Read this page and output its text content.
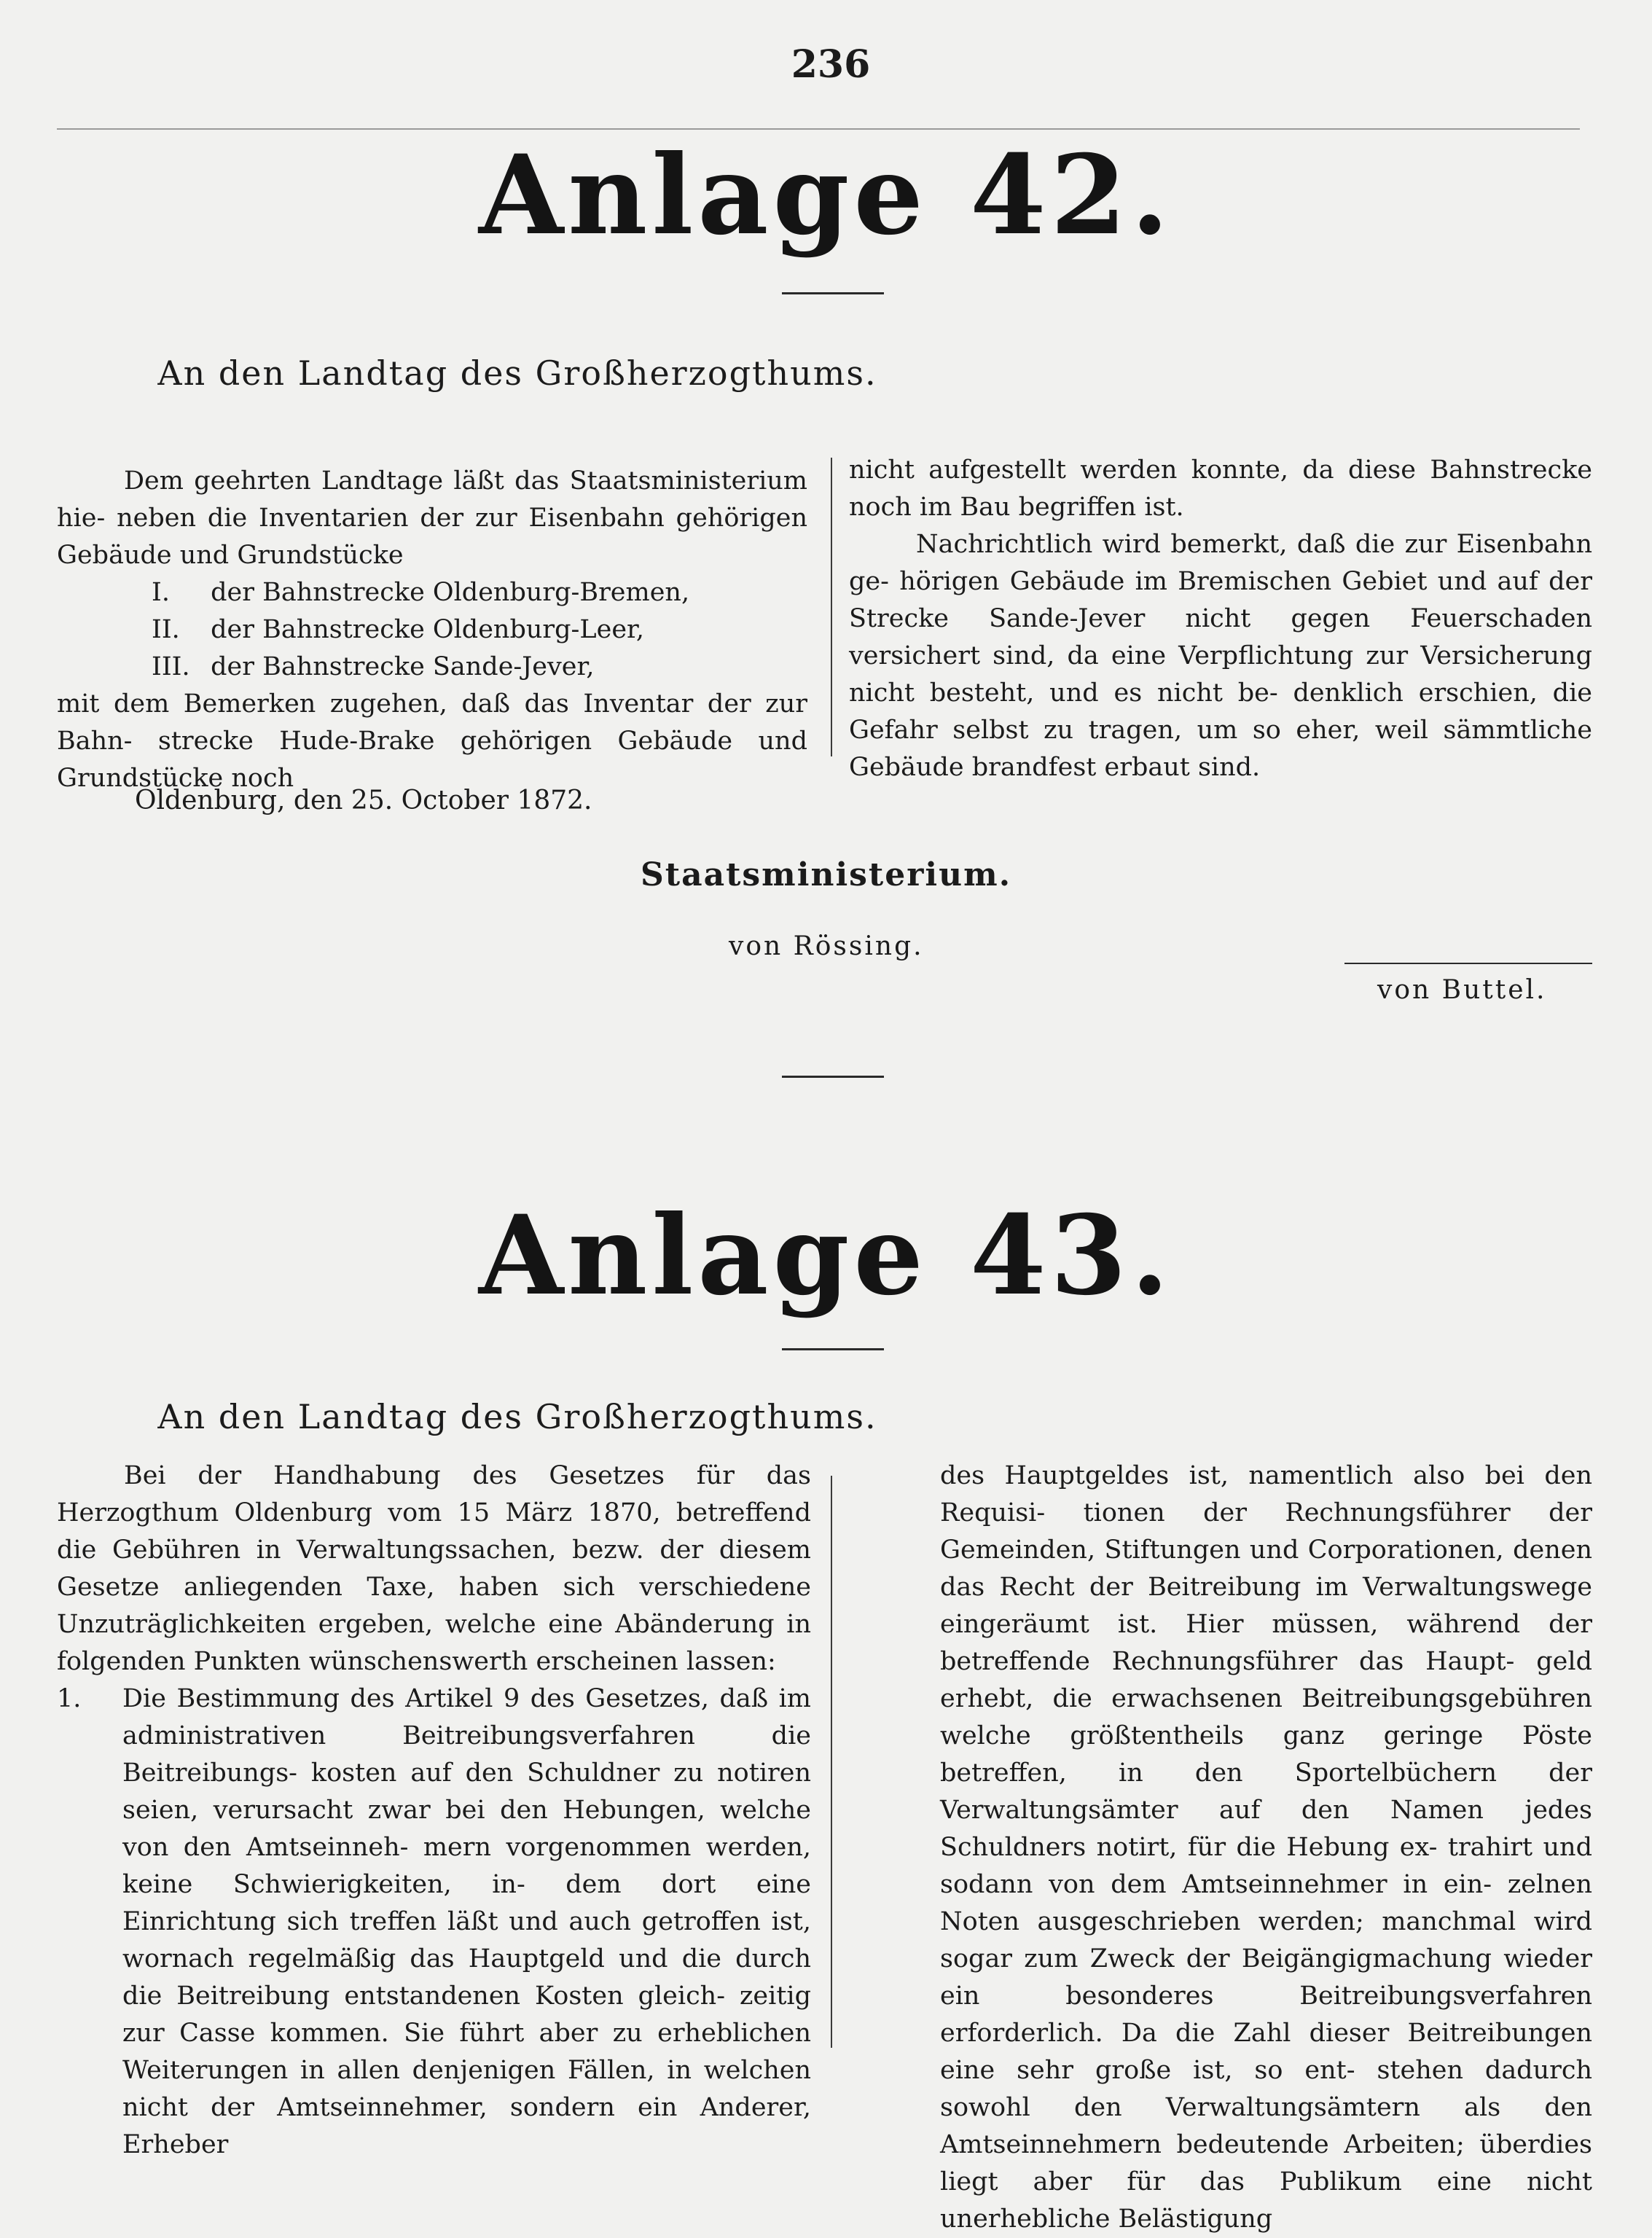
236
Anlage 42.
An den Landtag des Großherzogthums.

Dem geehrten Landtage läßt das Staatsministerium hie- neben die Inventarien der zur Eisenbahn gehörigen Gebäude und Grundstücke

I. der Bahnstrecke Oldenburg-Bremen,

II. der Bahnstrecke Oldenburg-Leer,

III. der Bahnstrecke Sande-Jever,

mit dem Bemerken zugehen, daß das Inventar der zur Bahn- strecke Hude-Brake gehörigen Gebäude und Grundstücke noch

nicht aufgestellt werden konnte, da diese Bahnstrecke noch im Bau begriffen ist.

Nachrichtlich wird bemerkt, daß die zur Eisenbahn ge- hörigen Gebäude im Bremischen Gebiet und auf der Strecke Sande-Jever nicht gegen Feuerschaden versichert sind, da eine Verpflichtung zur Versicherung nicht besteht, und es nicht be- denklich erschien, die Gefahr selbst zu tragen, um so eher, weil sämmtliche Gebäude brandfest erbaut sind.

Oldenburg, den 25. October 1872.
Staatsministerium.
von Rössing.
von Buttel.
Anlage 43.
An den Landtag des Großherzogthums.

Bei der Handhabung des Gesetzes für das Herzogthum Oldenburg vom 15 März 1870, betreffend die Gebühren in Verwaltungssachen, bezw. der diesem Gesetze anliegenden Taxe, haben sich verschiedene Unzuträglichkeiten ergeben, welche eine Abänderung in folgenden Punkten wünschenswerth erscheinen lassen:

1.	Die Bestimmung des Artikel 9 des Gesetzes, daß im administrativen Beitreibungsverfahren die Beitreibungs- kosten auf den Schuldner zu notiren seien, verursacht zwar bei den Hebungen, welche von den Amtseinneh- mern vorgenommen werden, keine Schwierigkeiten, in- dem dort eine Einrichtung sich treffen läßt und auch getroffen ist, wornach regelmäßig das Hauptgeld und die durch die Beitreibung entstandenen Kosten gleich- zeitig zur Casse kommen. Sie führt aber zu erheblichen Weiterungen in allen denjenigen Fällen, in welchen nicht der Amtseinnehmer, sondern ein Anderer, Erheber

des Hauptgeldes ist, namentlich also bei den Requisi- tionen der Rechnungsführer der Gemeinden, Stiftungen und Corporationen, denen das Recht der Beitreibung im Verwaltungswege eingeräumt ist. Hier müssen, während der betreffende Rechnungsführer das Haupt- geld erhebt, die erwachsenen Beitreibungsgebühren welche größtentheils ganz geringe Pöste betreffen, in den Sportelbüchern der Verwaltungsämter auf den Namen jedes Schuldners notirt, für die Hebung ex- trahirt und sodann von dem Amtseinnehmer in ein- zelnen Noten ausgeschrieben werden; manchmal wird sogar zum Zweck der Beigängigmachung wieder ein besonderes Beitreibungsverfahren erforderlich. Da die Zahl dieser Beitreibungen eine sehr große ist, so ent- stehen dadurch sowohl den Verwaltungsämtern als den Amtseinnehmern bedeutende Arbeiten; überdies liegt aber für das Publikum eine nicht unerhebliche Belästigung
